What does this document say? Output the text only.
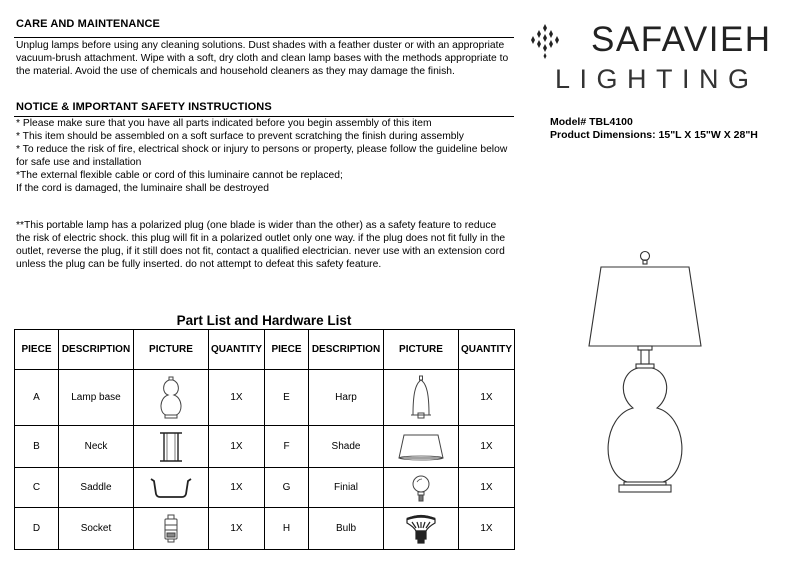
CARE AND MAINTENANCE
Unplug lamps before using any cleaning solutions. Dust shades with a feather duster or with an appropriate
vacuum-brush attachment. Wipe with a soft, dry cloth and clean lamp bases with the methods appropriate to
the material. Avoid the use of chemicals and household cleaners as they may damage the finish.
NOTICE & IMPORTANT SAFETY INSTRUCTIONS
* Please make sure that you have all parts indicated before you begin assembly of this item
* This item should be assembled on a soft surface to prevent scratching the finish during assembly
* To reduce the risk of fire, electrical shock or injury to persons or property, please follow the guideline below
for safe use and installation
*The external flexible cable or cord of this luminaire cannot be replaced;
If the cord is damaged, the luminaire shall be destroyed
**This portable lamp has a polarized plug (one blade is wider than the other) as a safety feature to reduce
the risk of electric shock. this plug will fit in a polarized outlet only one way. if the plug does not fit fully in the
outlet, reverse the plug, if it still does not fit, contact a qualified electrician. never use with an extension cord
unless the plug can be fully inserted. do not attempt to defeat this safety feature.
SAFAVIEH
LIGHTING
Model# TBL4100
Product Dimensions: 15"L X 15"W X 28"H
Part List and Hardware List
PIECE	DESCRIPTION	PICTURE	QUANTITY	PIECE	DESCRIPTION	PICTURE	QUANTITY
A	Lamp base		1X	E	Harp		1X
B	Neck		1X	F	Shade		1X
C	Saddle		1X	G	Finial		1X
D	Socket		1X	H	Bulb		1X
